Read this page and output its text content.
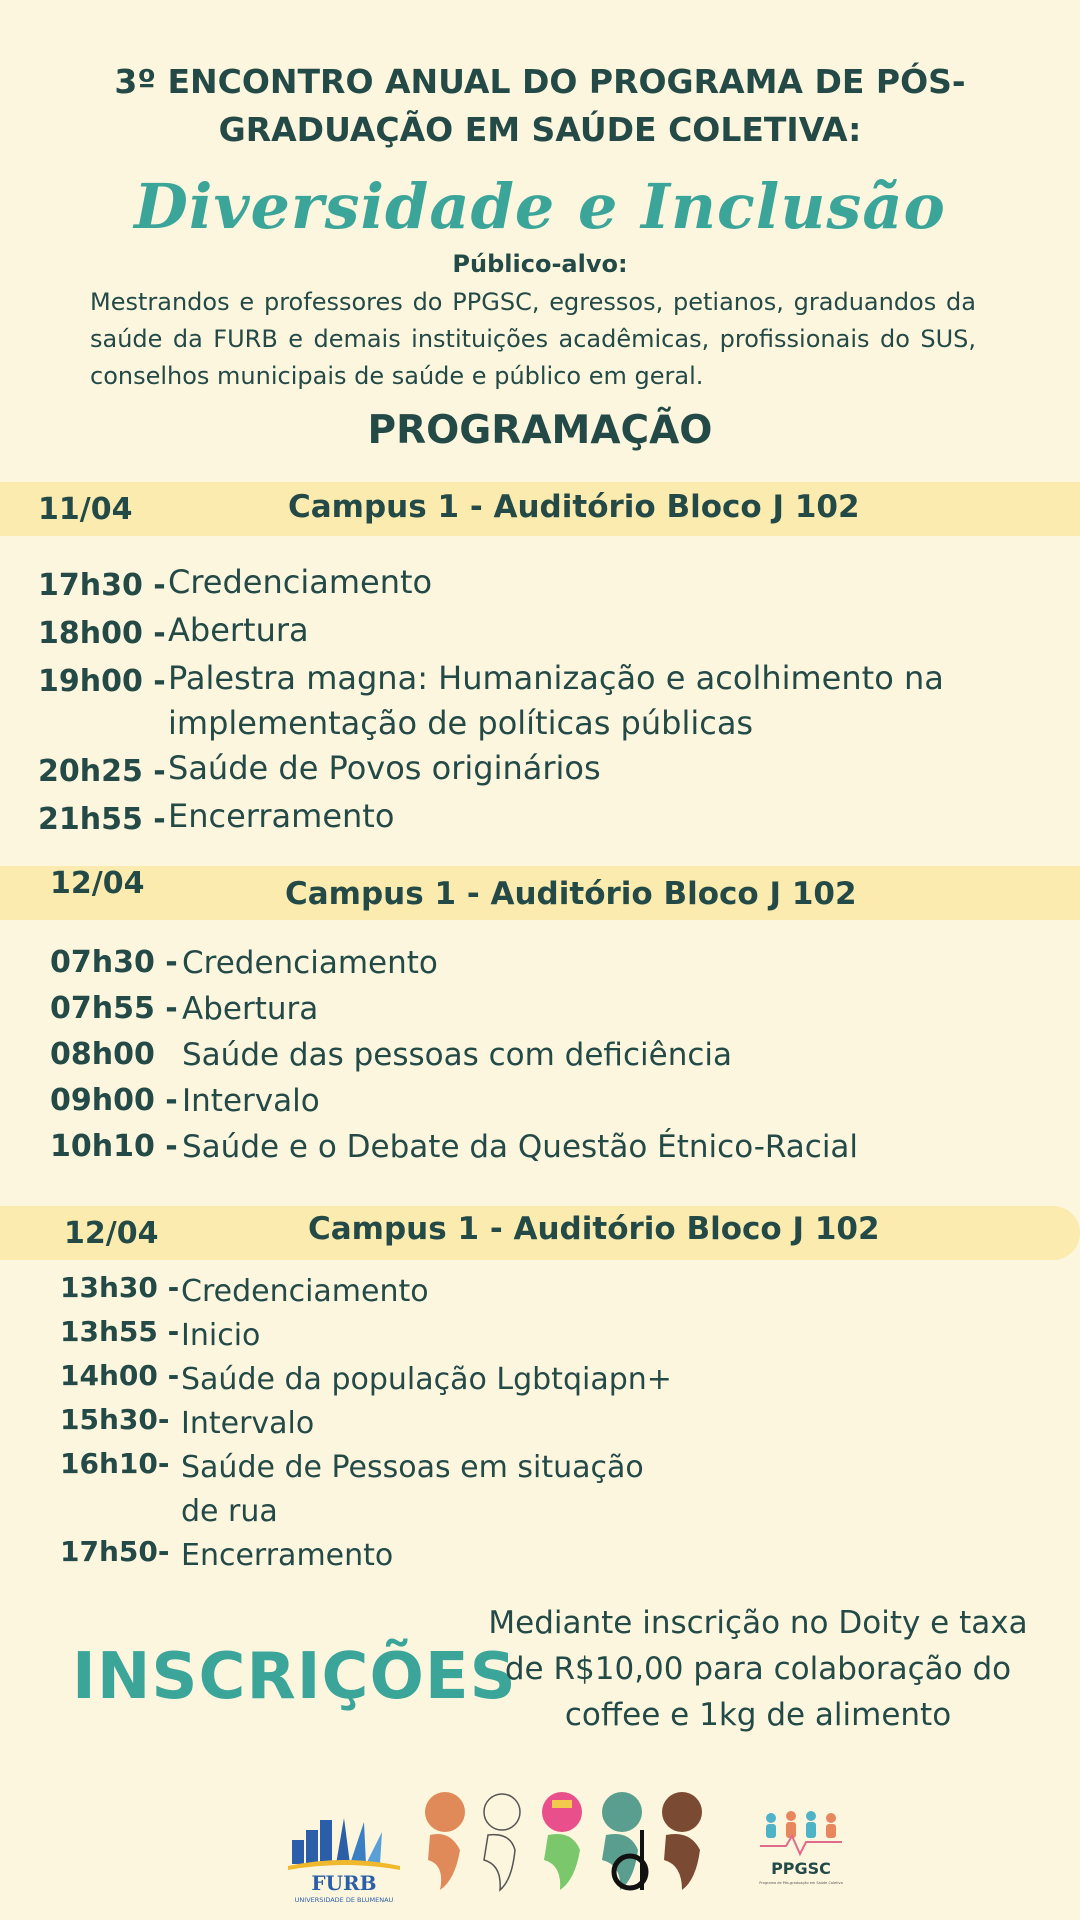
3º ENCONTRO ANUAL DO PROGRAMA DE PÓS-GRADUAÇÃO EM SAÚDE COLETIVA:
Diversidade e Inclusão
Público-alvo:
Mestrandos e professores do PPGSC, egressos, petianos, graduandos da saúde da FURB e demais instituições acadêmicas, profissionais do SUS, conselhos municipais de saúde e público em geral.
PROGRAMAÇÃO
11/04	Campus 1 - Auditório Bloco J 102
17h30 - Credenciamento
18h00 - Abertura
19h00 - Palestra magna: Humanização e acolhimento na implementação de políticas públicas
20h25 - Saúde de Povos originários
21h55 - Encerramento
12/04	Campus 1 - Auditório Bloco J 102
07h30 - Credenciamento
07h55 - Abertura
08h00 Saúde das pessoas com deficiência
09h00 - Intervalo
10h10 - Saúde e o Debate da Questão Étnico-Racial
12/04	Campus 1 - Auditório Bloco J 102
13h30 - Credenciamento
13h55 - Inicio
14h00 - Saúde da população Lgbtqiapn+
15h30- Intervalo
16h10- Saúde de Pessoas em situação de rua
17h50- Encerramento
INSCRIÇÕES
Mediante inscrição no Doity e taxa de R$10,00 para colaboração do coffee e 1kg de alimento
FURB
UNIVERSIDADE DE BLUMENAU
PPGSC
Programa de Pós-graduação em Saúde Coletiva
